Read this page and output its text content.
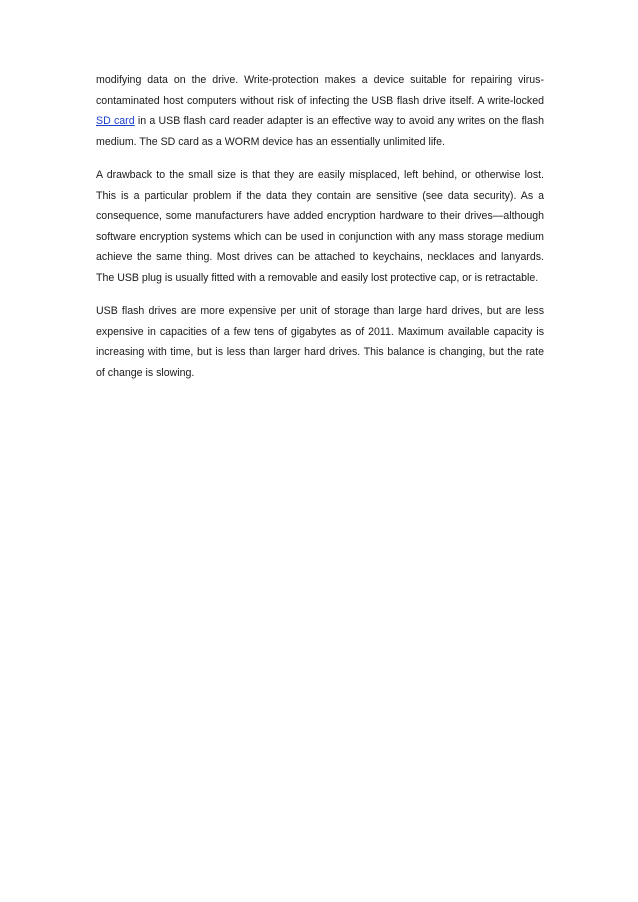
modifying data on the drive. Write-protection makes a device suitable for repairing virus-contaminated host computers without risk of infecting the USB flash drive itself. A write-locked SD card in a USB flash card reader adapter is an effective way to avoid any writes on the flash medium. The SD card as a WORM device has an essentially unlimited life.

A drawback to the small size is that they are easily misplaced, left behind, or otherwise lost. This is a particular problem if the data they contain are sensitive (see data security). As a consequence, some manufacturers have added encryption hardware to their drives—although software encryption systems which can be used in conjunction with any mass storage medium achieve the same thing. Most drives can be attached to keychains, necklaces and lanyards. The USB plug is usually fitted with a removable and easily lost protective cap, or is retractable.

USB flash drives are more expensive per unit of storage than large hard drives, but are less expensive in capacities of a few tens of gigabytes as of 2011. Maximum available capacity is increasing with time, but is less than larger hard drives. This balance is changing, but the rate of change is slowing.
